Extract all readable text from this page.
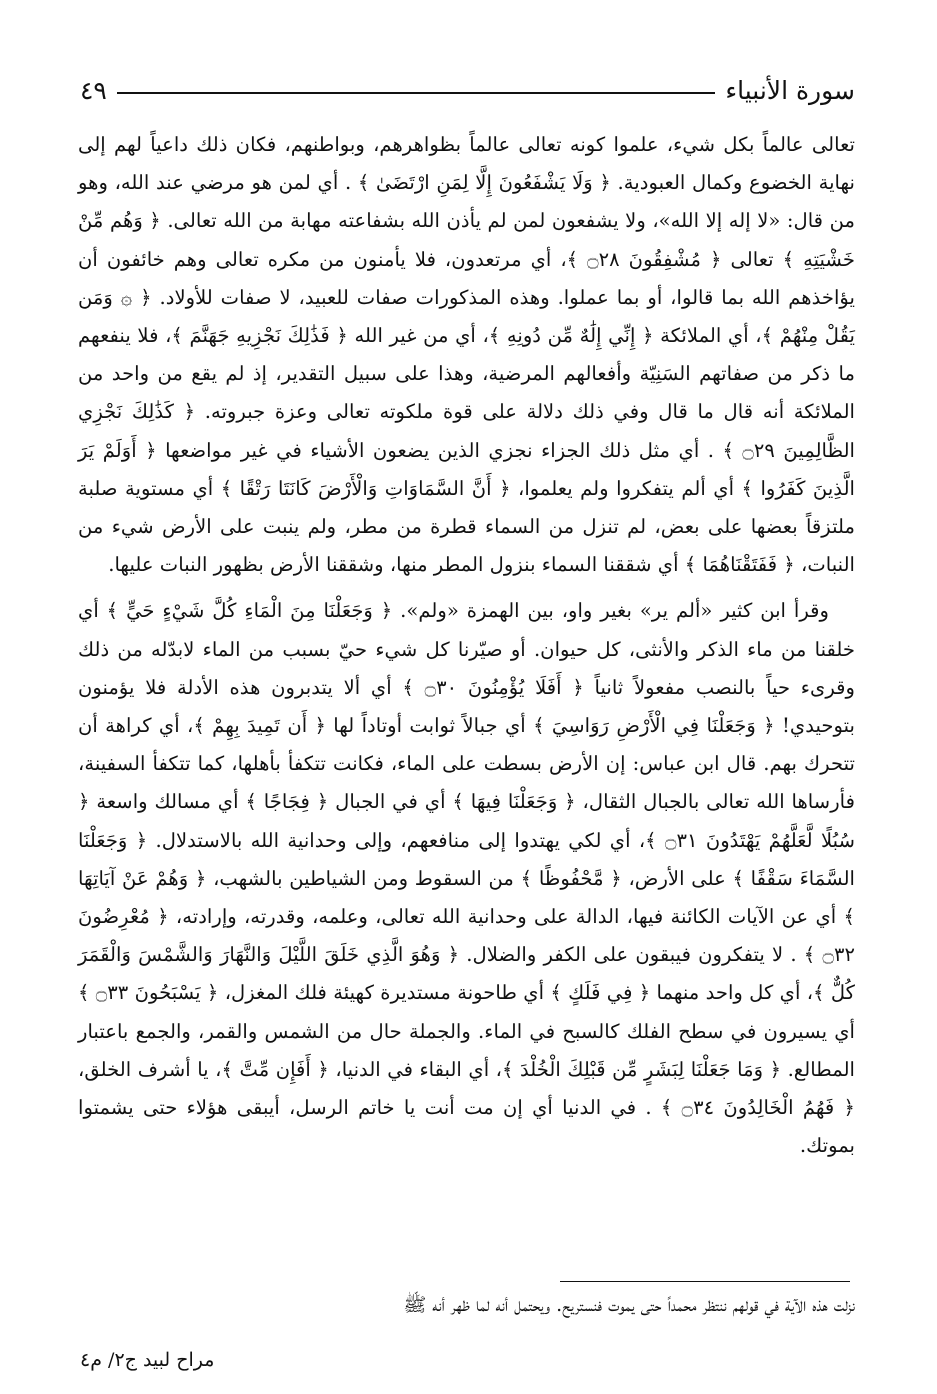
سورة الأنبياء
٤٩

تعالى عالماً بكل شيء، علموا كونه تعالى عالماً بظواهرهم، وبواطنهم، فكان ذلك داعياً لهم إلى نهاية الخضوع وكمال العبودية. ﴿ وَلَا يَشْفَعُونَ إِلَّا لِمَنِ ارْتَضَىٰ ﴾ . أي لمن هو مرضي عند الله، وهو من قال: «لا إله إلا الله»، ولا يشفعون لمن لم يأذن الله بشفاعته مهابة من الله تعالى. ﴿ وَهُم مِّنْ خَشْيَتِهِ ﴾ تعالى ﴿ مُشْفِقُونَ ۝٢٨ ﴾، أي مرتعدون، فلا يأمنون من مكره تعالى وهم خائفون أن يؤاخذهم الله بما قالوا، أو بما عملوا. وهذه المذكورات صفات للعبيد، لا صفات للأولاد. ﴿ ۞ وَمَن يَقُلْ مِنْهُمْ ﴾، أي الملائكة ﴿ إِنِّي إِلَٰهٌ مِّن دُونِهِ ﴾، أي من غير الله ﴿ فَذَٰلِكَ نَجْزِيهِ جَهَنَّمَ ﴾، فلا ينفعهم ما ذكر من صفاتهم السَنِيّة وأفعالهم المرضية، وهذا على سبيل التقدير، إذ لم يقع من واحد من الملائكة أنه قال ما قال وفي ذلك دلالة على قوة ملكوته تعالى وعزة جبروته. ﴿ كَذَٰلِكَ نَجْزِي الظَّالِمِينَ ۝٢٩ ﴾ . أي مثل ذلك الجزاء نجزي الذين يضعون الأشياء في غير مواضعها ﴿ أَوَلَمْ يَرَ الَّذِينَ كَفَرُوا ﴾ أي ألم يتفكروا ولم يعلموا، ﴿ أَنَّ السَّمَاوَاتِ وَالْأَرْضَ كَانَتَا رَتْقًا ﴾ أي مستوية صلبة ملتزقاً بعضها على بعض، لم تنزل من السماء قطرة من مطر، ولم ينبت على الأرض شيء من النبات، ﴿ فَفَتَقْنَاهُمَا ﴾ أي شققنا السماء بنزول المطر منها، وشققنا الأرض بظهور النبات عليها.

وقرأ ابن كثير «ألم ير» بغير واو، بين الهمزة «ولم». ﴿ وَجَعَلْنَا مِنَ الْمَاءِ كُلَّ شَيْءٍ حَيٍّ ﴾ أي خلقنا من ماء الذكر والأنثى، كل حيوان. أو صيّرنا كل شيء حيّ بسبب من الماء لابدّله من ذلك وقرىء حياً بالنصب مفعولاً ثانياً ﴿ أَفَلَا يُؤْمِنُونَ ۝٣٠ ﴾ أي ألا يتدبرون هذه الأدلة فلا يؤمنون بتوحيدي! ﴿ وَجَعَلْنَا فِي الْأَرْضِ رَوَاسِيَ ﴾ أي جبالاً ثوابت أوتاداً لها ﴿ أَن تَمِيدَ بِهِمْ ﴾، أي كراهة أن تتحرك بهم. قال ابن عباس: إن الأرض بسطت على الماء، فكانت تتكفأ بأهلها، كما تتكفأ السفينة، فأرساها الله تعالى بالجبال الثقال، ﴿ وَجَعَلْنَا فِيهَا ﴾ أي في الجبال ﴿ فِجَاجًا ﴾ أي مسالك واسعة ﴿ سُبُلًا لَّعَلَّهُمْ يَهْتَدُونَ ۝٣١ ﴾، أي لكي يهتدوا إلى منافعهم، وإلى وحدانية الله بالاستدلال. ﴿ وَجَعَلْنَا السَّمَاءَ سَقْفًا ﴾ على الأرض، ﴿ مَّحْفُوظًا ﴾ من السقوط ومن الشياطين بالشهب، ﴿ وَهُمْ عَنْ آيَاتِهَا ﴾ أي عن الآيات الكائنة فيها، الدالة على وحدانية الله تعالى، وعلمه، وقدرته، وإرادته، ﴿ مُعْرِضُونَ ۝٣٢ ﴾ . لا يتفكرون فيبقون على الكفر والضلال. ﴿ وَهُوَ الَّذِي خَلَقَ اللَّيْلَ وَالنَّهَارَ وَالشَّمْسَ وَالْقَمَرَ كُلٌّ ﴾، أي كل واحد منهما ﴿ فِي فَلَكٍ ﴾ أي طاحونة مستديرة كهيئة فلك المغزل، ﴿ يَسْبَحُونَ ۝٣٣ ﴾ أي يسيرون في سطح الفلك كالسبح في الماء. والجملة حال من الشمس والقمر، والجمع باعتبار المطالع. ﴿ وَمَا جَعَلْنَا لِبَشَرٍ مِّن قَبْلِكَ الْخُلْدَ ﴾، أي البقاء في الدنيا، ﴿ أَفَإِن مِّتَّ ﴾، يا أشرف الخلق، ﴿ فَهُمُ الْخَالِدُونَ ۝٣٤ ﴾ . في الدنيا أي إن مت أنت يا خاتم الرسل، أيبقى هؤلاء حتى يشمتوا بموتك.

نزلت هذه الآية في قولهم ننتظر محمداً حتى يموت فنستريح. ويحتمل أنه لما ظهر أنه ﷺ
مراح لبيد ج٢/ م٤
